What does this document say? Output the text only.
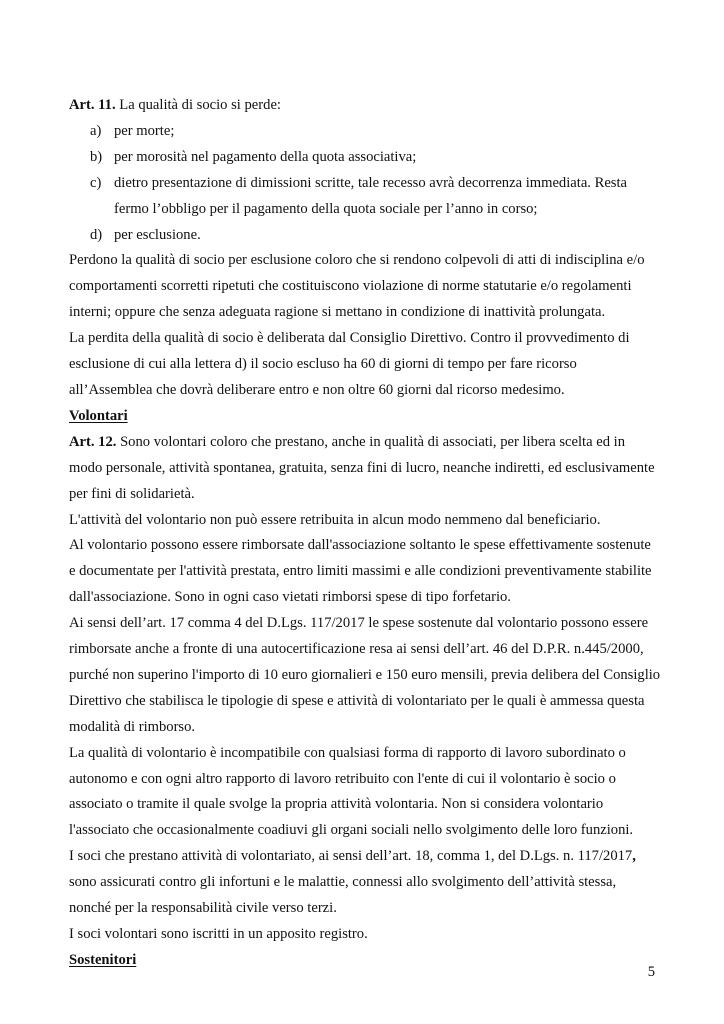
Art. 11. La qualità di socio si perde:

a) per morte;
b) per morosità nel pagamento della quota associativa;
c) dietro presentazione di dimissioni scritte, tale recesso avrà decorrenza immediata. Resta
fermo l’obbligo per il pagamento della quota sociale per l’anno in corso;
d) per esclusione.

Perdono la qualità di socio per esclusione coloro che si rendono colpevoli di atti di indisciplina e/o

comportamenti scorretti ripetuti che costituiscono violazione di norme statutarie e/o regolamenti

interni; oppure che senza adeguata ragione si mettano in condizione di inattività prolungata.

La perdita della qualità di socio è deliberata dal Consiglio Direttivo. Contro il provvedimento di

esclusione di cui alla lettera d) il socio escluso ha 60 di giorni di tempo per fare ricorso

all’Assemblea che dovrà deliberare entro e non oltre 60 giorni dal ricorso medesimo.

Volontari

Art. 12. Sono volontari coloro che prestano, anche in qualità di associati, per libera scelta ed in

modo personale, attività spontanea, gratuita, senza fini di lucro, neanche indiretti, ed esclusivamente

per fini di solidarietà.

L'attività del volontario non può essere retribuita in alcun modo nemmeno dal beneficiario.

Al volontario possono essere rimborsate dall'associazione soltanto le spese effettivamente sostenute

e documentate per l'attività prestata, entro limiti massimi e alle condizioni preventivamente stabilite

dall'associazione. Sono in ogni caso vietati rimborsi spese di tipo forfetario.

Ai sensi dell’art. 17 comma 4 del D.Lgs. 117/2017 le spese sostenute dal volontario possono essere

rimborsate anche a fronte di una autocertificazione resa ai sensi dell’art. 46 del D.P.R. n.445/2000,

purché non superino l'importo di 10 euro giornalieri e 150 euro mensili, previa delibera del Consiglio

Direttivo che stabilisca le tipologie di spese e attività di volontariato per le quali è ammessa questa

modalità di rimborso.

La qualità di volontario è incompatibile con qualsiasi forma di rapporto di lavoro subordinato o

autonomo e con ogni altro rapporto di lavoro retribuito con l'ente di cui il volontario è socio o

associato o tramite il quale svolge la propria attività volontaria. Non si considera volontario

l'associato che occasionalmente coadiuvi gli organi sociali nello svolgimento delle loro funzioni.

I soci che prestano attività di volontariato, ai sensi dell’art. 18, comma 1, del D.Lgs. n. 117/2017,

sono assicurati contro gli infortuni e le malattie, connessi allo svolgimento dell’attività stessa,

nonché per la responsabilità civile verso terzi.

I soci volontari sono iscritti in un apposito registro.

Sostenitori

5
